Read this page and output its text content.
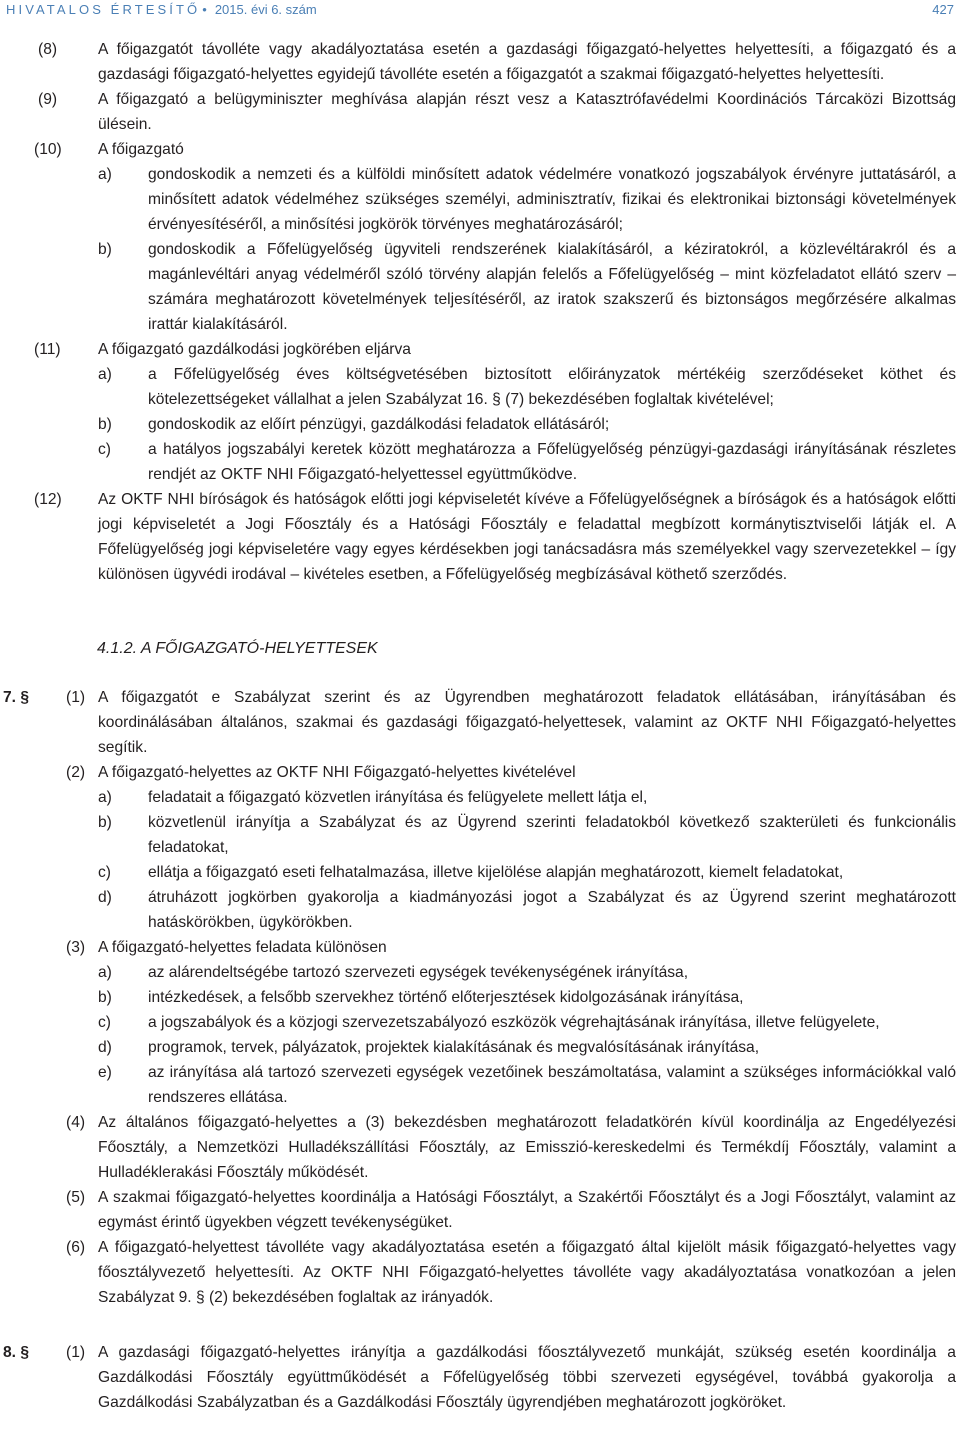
HIVATALOS ÉRTESÍTŐ • 2015. évi 6. szám	427

(8)	A főigazgatót távolléte vagy akadályoztatása esetén a gazdasági főigazgató-helyettes helyettesíti, a főigazgató és a gazdasági főigazgató-helyettes egyidejű távolléte esetén a főigazgatót a szakmai főigazgató-helyettes helyettesíti.

(9)	A főigazgató a belügyminiszter meghívása alapján részt vesz a Katasztrófavédelmi Koordinációs Tárcaközi Bizottság ülésein.

(10) A főigazgató

a) gondoskodik a nemzeti és a külföldi minősített adatok védelmére vonatkozó jogszabályok érvényre juttatásáról, a minősített adatok védelméhez szükséges személyi, adminisztratív, fizikai és elektronikai biztonsági követelmények érvényesítéséről, a minősítési jogkörök törvényes meghatározásáról;

b) gondoskodik a Főfelügyelőség ügyviteli rendszerének kialakításáról, a kéziratokról, a közlevéltárakról és a magánlevéltári anyag védelméről szóló törvény alapján felelős a Főfelügyelőség – mint közfeladatot ellátó szerv – számára meghatározott követelmények teljesítéséről, az iratok szakszerű és biztonságos megőrzésére alkalmas irattár kialakításáról.

(11) A főigazgató gazdálkodási jogkörében eljárva

a) a Főfelügyelőség éves költségvetésében biztosított előirányzatok mértékéig szerződéseket köthet és kötelezettségeket vállalhat a jelen Szabályzat 16. § (7) bekezdésében foglaltak kivételével;

b) gondoskodik az előírt pénzügyi, gazdálkodási feladatok ellátásáról;

c) a hatályos jogszabályi keretek között meghatározza a Főfelügyelőség pénzügyi-gazdasági irányításának részletes rendjét az OKTF NHI Főigazgató-helyettessel együttműködve.

(12) Az OKTF NHI bíróságok és hatóságok előtti jogi képviseletét kívéve a Főfelügyelőségnek a bíróságok és a hatóságok előtti jogi képviseletét a Jogi Főosztály és a Hatósági Főosztály e feladattal megbízott kormánytisztviselői látják el. A Főfelügyelőség jogi képviseletére vagy egyes kérdésekben jogi tanácsadásra más személyekkel vagy szervezetekkel – így különösen ügyvédi irodával – kivételes esetben, a Főfelügyelőség megbízásával köthető szerződés.

4.1.2. A FŐIGAZGATÓ-HELYETTESEK

7. § (1) A főigazgatót e Szabályzat szerint és az Ügyrendben meghatározott feladatok ellátásában, irányításában és koordinálásában általános, szakmai és gazdasági főigazgató-helyettesek, valamint az OKTF NHI Főigazgató-helyettes segítik.

(2) A főigazgató-helyettes az OKTF NHI Főigazgató-helyettes kivételével

a) feladatait a főigazgató közvetlen irányítása és felügyelete mellett látja el,

b) közvetlenül irányítja a Szabályzat és az Ügyrend szerinti feladatokból következő szakterületi és funkcionális feladatokat,

c) ellátja a főigazgató eseti felhatalmazása, illetve kijelölése alapján meghatározott, kiemelt feladatokat,

d) átruházott jogkörben gyakorolja a kiadmányozási jogot a Szabályzat és az Ügyrend szerint meghatározott hatáskörökben, ügykörökben.

(3) A főigazgató-helyettes feladata különösen

a) az alárendeltségébe tartozó szervezeti egységek tevékenységének irányítása,

b) intézkedések, a felsőbb szervekhez történő előterjesztések kidolgozásának irányítása,

c) a jogszabályok és a közjogi szervezetszabályozó eszközök végrehajtásának irányítása, illetve felügyelete,

d) programok, tervek, pályázatok, projektek kialakításának és megvalósításának irányítása,

e) az irányítása alá tartozó szervezeti egységek vezetőinek beszámoltatása, valamint a szükséges információkkal való rendszeres ellátása.

(4) Az általános főigazgató-helyettes a (3) bekezdésben meghatározott feladatkörén kívül koordinálja az Engedélyezési Főosztály, a Nemzetközi Hulladékszállítási Főosztály, az Emisszió-kereskedelmi és Termékdíj Főosztály, valamint a Hulladéklerakási Főosztály működését.

(5) A szakmai főigazgató-helyettes koordinálja a Hatósági Főosztályt, a Szakértői Főosztályt és a Jogi Főosztályt, valamint az egymást érintő ügyekben végzett tevékenységüket.

(6) A főigazgató-helyettest távolléte vagy akadályoztatása esetén a főigazgató által kijelölt másik főigazgató-helyettes vagy főosztályvezető helyettesíti. Az OKTF NHI Főigazgató-helyettes távolléte vagy akadályoztatása vonatkozóan a jelen Szabályzat 9. § (2) bekezdésében foglaltak az irányadók.

8. § (1) A gazdasági főigazgató-helyettes irányítja a gazdálkodási főosztályvezető munkáját, szükség esetén koordinálja a Gazdálkodási Főosztály együttműködését a Főfelügyelőség többi szervezeti egységével, továbbá gyakorolja a Gazdálkodási Szabályzatban és a Gazdálkodási Főosztály ügyrendjében meghatározott jogköröket.
